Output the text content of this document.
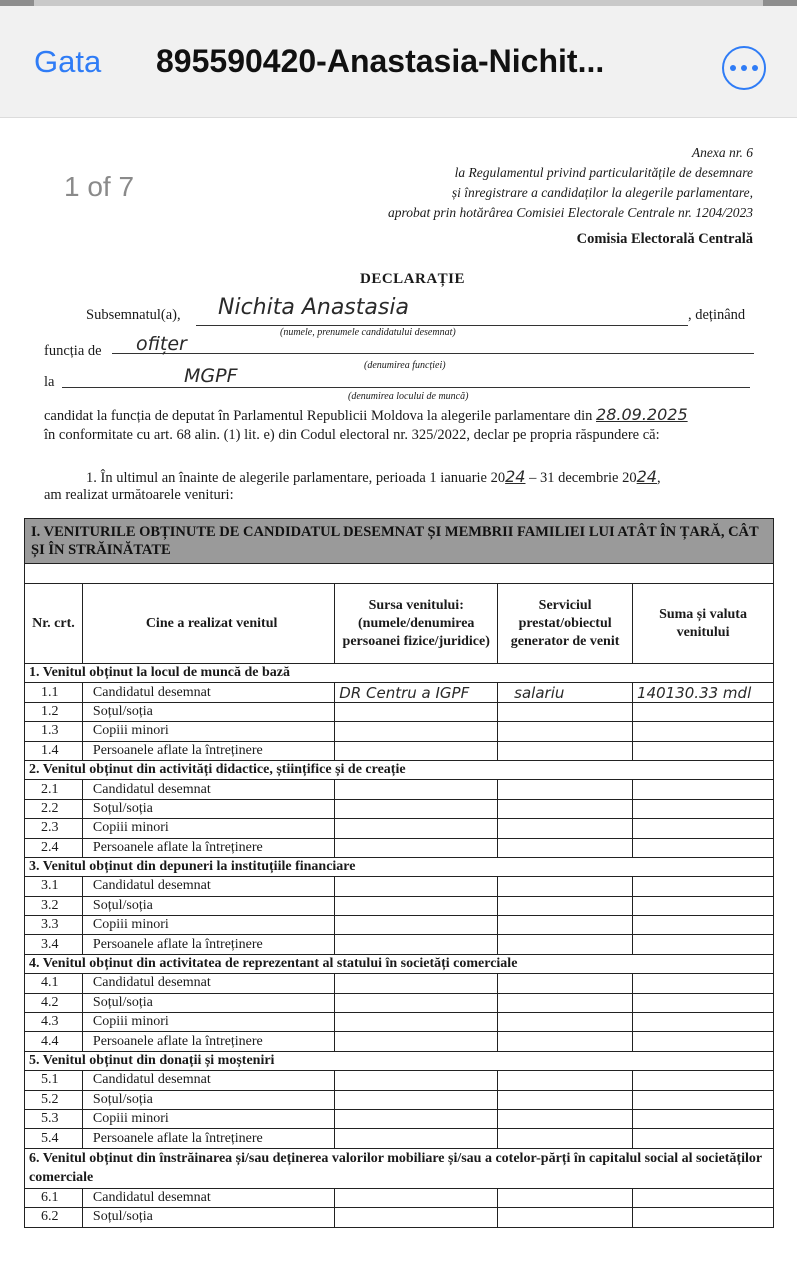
Gata 895590420-Anastasia-Nichit...
1 of 7
Anexa nr. 6
la Regulamentul privind particularitățile de desemnare
și înregistrare a candidaților la alegerile parlamentare,
aprobat prin hotărârea Comisiei Electorale Centrale nr. 1204/2023
Comisia Electorală Centrală
DECLARAȚIE
Subsemnatul(a), Nichita Anastasia	, deținând
(numele, prenumele candidatului desemnat)
funcția de ofițer
(denumirea funcției)
la	MGPF
(denumirea locului de muncă)
candidat la funcția de deputat în Parlamentul Republicii Moldova la alegerile parlamentare din 28.09.2025
în conformitate cu art. 68 alin. (1) lit. e) din Codul electoral nr. 325/2022, declar pe propria răspundere că:
1. În ultimul an înainte de alegerile parlamentare, perioada 1 ianuarie 2024 – 31 decembrie 2024,
am realizat următoarele venituri:
I. VENITURILE OBȚINUTE DE CANDIDATUL DESEMNAT ȘI MEMBRII FAMILIEI LUI ATÂT ÎN ȚARĂ, CÂT ȘI ÎN STRĂINĂTATE
Nr. crt.	Cine a realizat venitul	Sursa venitului: (numele/denumirea persoanei fizice/juridice)	Serviciul prestat/obiectul generator de venit	Suma și valuta venitului
1. Venitul obținut la locul de muncă de bază				
1.1	Candidatul desemnat	DR Centru a IGPF	salariu	140130.33 mdl
1.2	Soțul/soția			
1.3	Copiii minori			
1.4	Persoanele aflate la întreținere			
2. Venitul obținut din activități didactice, științifice și de creație				
2.1	Candidatul desemnat			
2.2	Soțul/soția			
2.3	Copiii minori			
2.4	Persoanele aflate la întreținere			
3. Venitul obținut din depuneri la instituțiile financiare				
3.1	Candidatul desemnat			
3.2	Soțul/soția			
3.3	Copiii minori			
3.4	Persoanele aflate la întreținere			
4. Venitul obținut din activitatea de reprezentant al statului în societăți comerciale				
4.1	Candidatul desemnat			
4.2	Soțul/soția			
4.3	Copiii minori			
4.4	Persoanele aflate la întreținere			
5. Venitul obținut din donații și moșteniri				
5.1	Candidatul desemnat			
5.2	Soțul/soția			
5.3	Copiii minori			
5.4	Persoanele aflate la întreținere			
6. Venitul obținut din înstrăinarea și/sau deținerea valorilor mobiliare și/sau a cotelor-părți în capitalul social al societăților comerciale				
6.1	Candidatul desemnat			
6.2	Soțul/soția			
